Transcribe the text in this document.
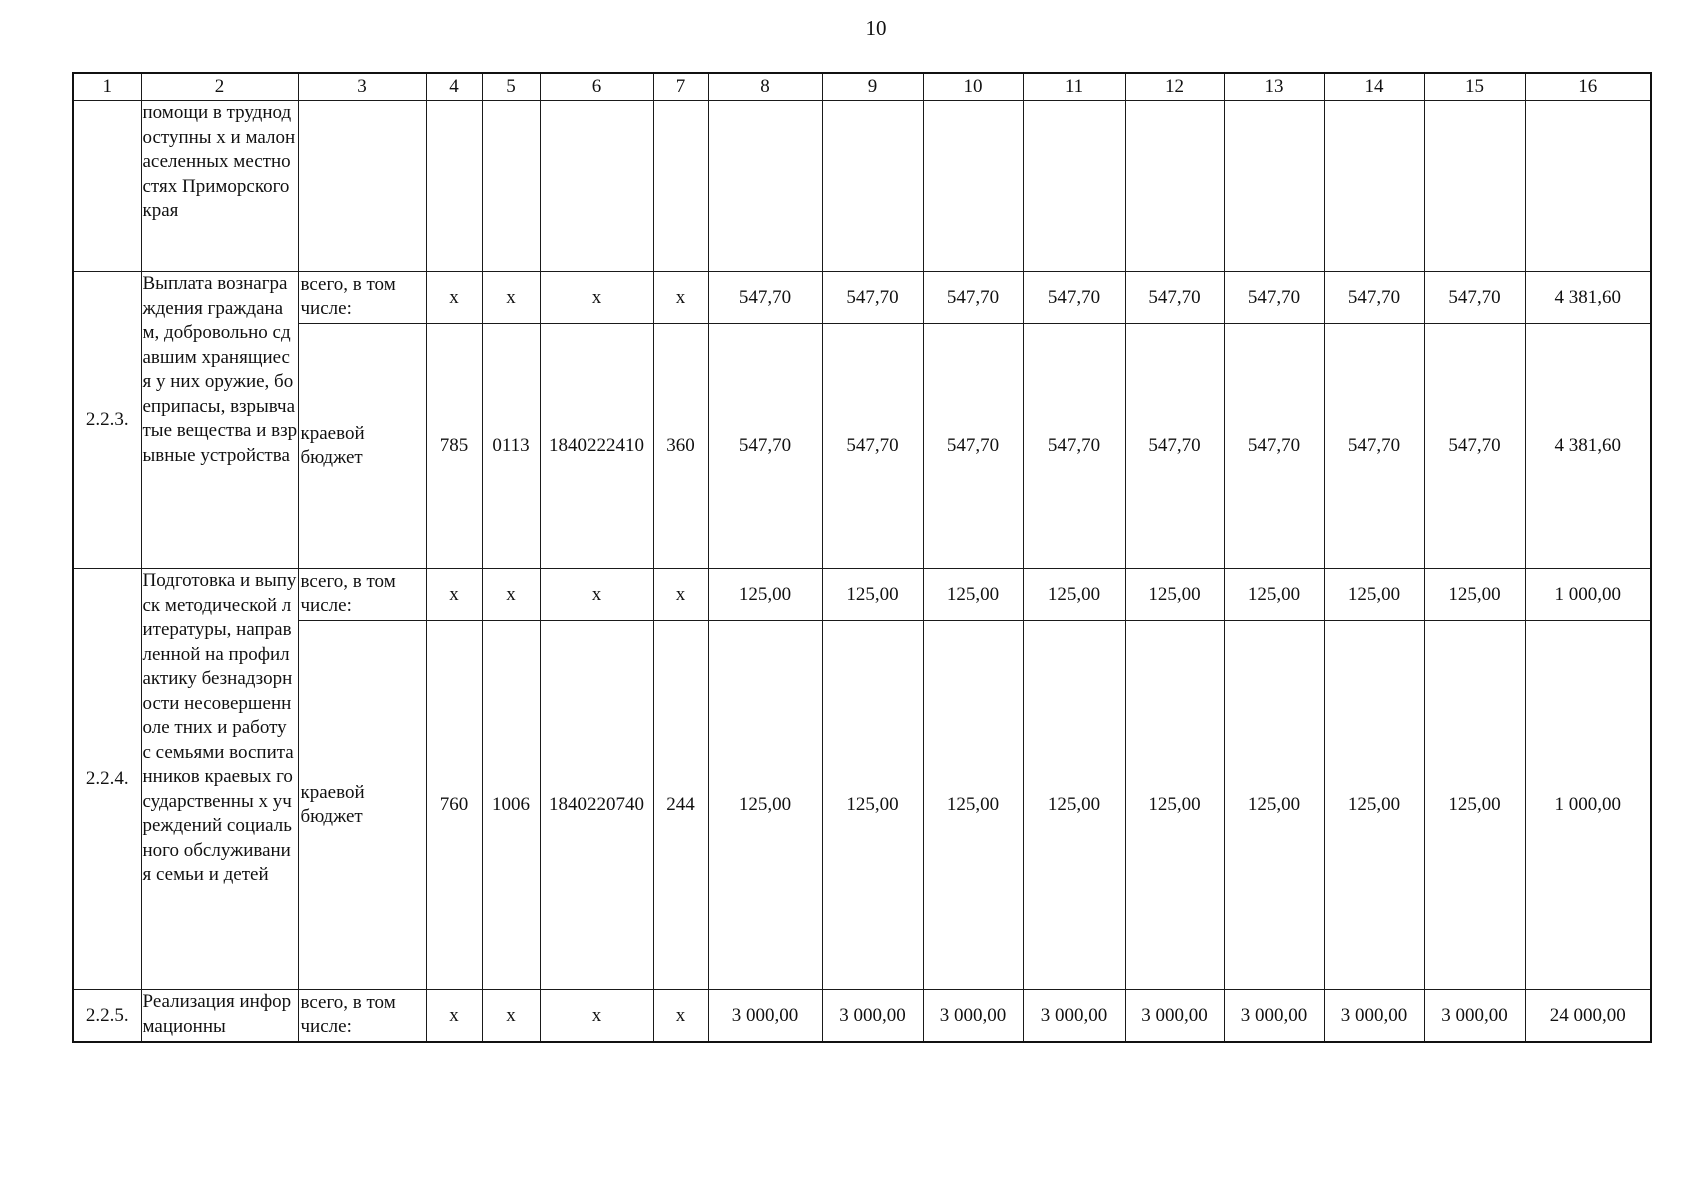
10
1	2	3	4	5	6	7	8	9	10	11	12	13	14	15	16
	помощи в труднодоступны х и малонаселенных местностях Приморского края														
2.2.3.	Выплата вознаграждения гражданам, добровольно сдавшим хранящиеся у них оружие, боеприпасы, взрывчатые вещества и взрывные устройства	всего, в том числе:	х	х	х	х	547,70	547,70	547,70	547,70	547,70	547,70	547,70	547,70	4 381,60
		краевой бюджет	785	0113	1840222410	360	547,70	547,70	547,70	547,70	547,70	547,70	547,70	547,70	4 381,60
2.2.4.	Подготовка и выпуск методической литературы, направленной на профилактику безнадзорности несовершенноле тних и работу с семьями воспитанников краевых государственны х учреждений социального обслуживания семьи и детей	всего, в том числе:	х	х	х	х	125,00	125,00	125,00	125,00	125,00	125,00	125,00	125,00	1 000,00
		краевой бюджет	760	1006	1840220740	244	125,00	125,00	125,00	125,00	125,00	125,00	125,00	125,00	1 000,00
2.2.5.	Реализация информационны	всего, в том числе:	х	х	х	х	3 000,00	3 000,00	3 000,00	3 000,00	3 000,00	3 000,00	3 000,00	3 000,00	24 000,00
